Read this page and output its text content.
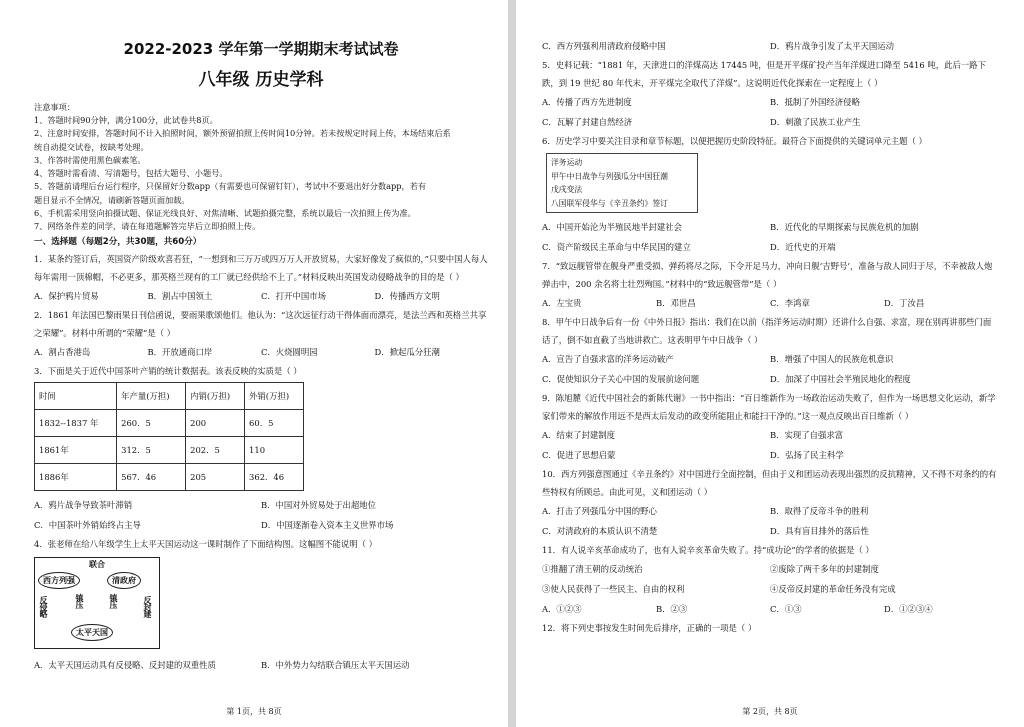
2022-2023 学年第一学期期末考试试卷
八年级 历史学科
注意事项：
1、答题时间90分钟，满分100分，此试卷共8页。
2、注意时间安排，答题时间不计入拍照时间，额外预留拍照上传时间10分钟。若未按规定时间上传，本场结束后系
统自动提交试卷，按缺考处理。
3、作答时需使用黑色碳素笔。
4、答题时需看清、写清题号，包括大题号、小题号。
5、答题前请理后台运行程序，只保留好分数app（有需要也可保留钉钉），考试中不要退出好分数app，若有
题目显示不全情况，请刷新答题页面加载。
6、手机需采用竖向拍摄试题、保证光线良好、对焦清晰、试题拍摄完整，系统以最后一次拍照上传为准。
7、网络条件差的同学，请在每道题解答完毕后立即拍照上传。
一、选择题（每题2分，共30题，共60分）
1．某条约签订后，英国资产阶级欢喜若狂，“一想到和三万万或四万万人开放贸易，大家好像发了疯似的，”只要中国人每人每年需用一顶棉帽，不必更多，那英格兰现有的工厂就已经供给不上了。”材料反映出英国发动侵略战争的目的是（ ）
A．保护鸦片贸易	B．割占中国领土	C．打开中国市场	D．传播西方文明
2．1861 年法国巴黎雨果日刊信函说，要雨果歌颂他们。他认为：“这次远征行动干得体面而漂亮，是法兰西和英格兰共享之荣耀”。材料中所谓的“荣耀”是（ ）
A．割占香港岛	B．开放通商口岸	C．火烧圆明园	D．掀起瓜分狂潮
3．下面是关于近代中国茶叶产销的统计数据表。该表反映的实质是（ ）
时间	年产量(万担)	内销(万担)	外销(万担)
1832--1837 年	260．5	200	60．5
1861年	312．5	202．5	110
1886年	567．46	205	362．46
A．鸦片战争导致茶叶滞销	B．中国对外贸易处于出超地位
C．中国茶叶外销始终占主导	D．中国逐渐卷入资本主义世界市场
4．张老师在给八年级学生上太平天国运动这一课时制作了下面结构图。这幅图不能说明（ ）
联合
西方列强	清政府
反侵略	镇压	镇压	反封建
太平天国
A．太平天国运动具有反侵略、反封建的双重性质	B．中外势力勾结联合镇压太平天国运动
第 1页，共 8页
C．西方列强利用清政府侵略中国	D．鸦片战争引发了太平天国运动
5．史料记载：“1881 年，天津进口的洋煤高达 17445 吨，但是开平煤矿投产当年洋煤进口降至 5416 吨，此后一路下跌，到 19 世纪 80 年代末，开平煤完全取代了洋煤”。这说明近代化探索在一定程度上（ ）
A．传播了西方先进制度	B．抵制了外国经济侵略
C．瓦解了封建自然经济	D．刺激了民族工业产生
6．历史学习中要关注目录和章节标题，以便把握历史阶段特征。最符合下面提供的关键词单元主题（ ）
洋务运动
甲午中日战争与列强瓜分中国狂潮
戊戌变法
八国联军侵华与《辛丑条约》签订
A．中国开始沦为半殖民地半封建社会	B．近代化的早期探索与民族危机的加剧
C．资产阶级民主革命与中华民国的建立	D．近代史的开端
7．“致远舰管带在舰身严重受损、弹药将尽之际，下令开足马力，冲向日舰‘吉野号’，准备与敌人同归于尽，不幸被敌人炮弹击中，200 余名将士壮烈殉国。”材料中的“致远舰管带”是（ ）
A．左宝贵	B．邓世昌	C．李鸿章	D．丁汝昌
8．甲午中日战争后有一份《中外日报》指出：我们在以前（指洋务运动时期）还讲什么自强、求富，现在别再讲那些门面话了，倒不如直截了当地讲救亡。这表明甲午中日战争（ ）
A．宣告了自强求富的洋务运动破产	B．增强了中国人的民族危机意识
C．促使知识分子关心中国的发展前途问题	D．加深了中国社会半殖民地化的程度
9．陈旭麓《近代中国社会的新陈代谢》一书中指出：“百日维新作为一场政治运动失败了，但作为一场思想文化运动，新学家们带来的解放作用远不是西太后发动的政变所能阻止和能扫干净的。”这一观点反映出百日维新（ ）
A．结束了封建制度	B．实现了自强求富
C．促进了思想启蒙	D．弘扬了民主科学
10．西方列强意图通过《辛丑条约》对中国进行全面控制，但由于义和团运动表现出强烈的反抗精神，又不得不对条约的有些特权有所顾忌。由此可见，义和团运动（ ）
A．打击了列强瓜分中国的野心	B．取得了反帝斗争的胜利
C．对清政府的本质认识不清楚	D．具有盲目排外的落后性
11．有人说辛亥革命成功了，也有人说辛亥革命失败了。持“成功论”的学者的依据是（ ）
①推翻了清王朝的反动统治	②废除了两千多年的封建制度
③使人民获得了一些民主、自由的权利	④反帝反封建的革命任务没有完成
A．①②③	B．②③	C．①③	D．①②③④
12．将下列史事按发生时间先后排序，正确的一项是（ ）
第 2页，共 8页
